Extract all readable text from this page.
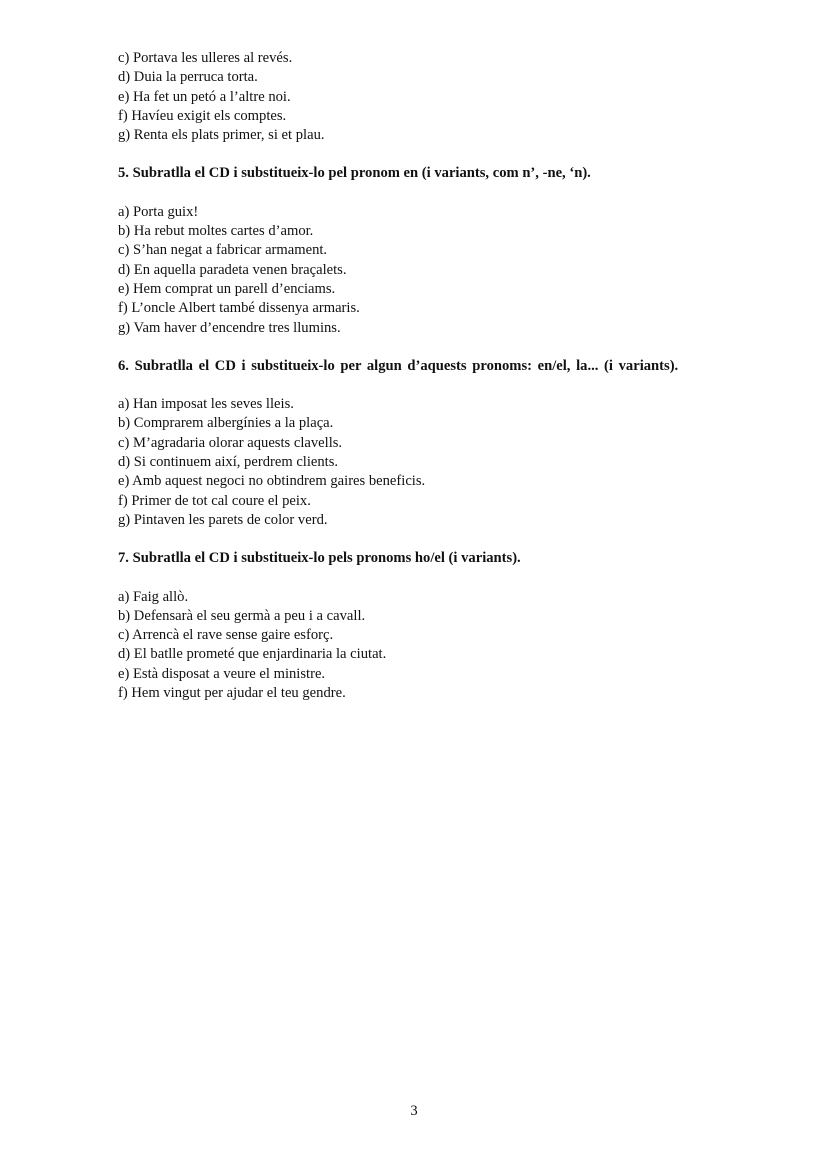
c) Portava les ulleres al revés.
d) Duia la perruca torta.
e) Ha fet un petó a l’altre noi.
f) Havíeu exigit els comptes.
g) Renta els plats primer, si et plau.
5. Subratlla el CD i substitueix-lo pel pronom en (i variants, com n’, -ne, ‘n).
a) Porta guix!
b) Ha rebut moltes cartes d’amor.
c) S’han negat a fabricar armament.
d) En aquella paradeta venen braçalets.
e) Hem comprat un parell d’enciams.
f) L’oncle Albert també dissenya armaris.
g) Vam haver d’encendre tres llumins.
6. Subratlla el CD i substitueix-lo per algun d’aquests pronoms: en/el, la... (i variants).
a) Han imposat les seves lleis.
b) Comprarem albergínies a la plaça.
c) M’agradaria olorar aquests clavells.
d) Si continuem així, perdrem clients.
e) Amb aquest negoci no obtindrem gaires beneficis.
f) Primer de tot cal coure el peix.
g) Pintaven les parets de color verd.
7. Subratlla el CD i substitueix-lo pels pronoms ho/el (i variants).
a) Faig allò.
b) Defensarà el seu germà a peu i a cavall.
c) Arrencà el rave sense gaire esforç.
d) El batlle prometé que enjardinaria la ciutat.
e) Està disposat a veure el ministre.
f) Hem vingut per ajudar el teu gendre.
3
